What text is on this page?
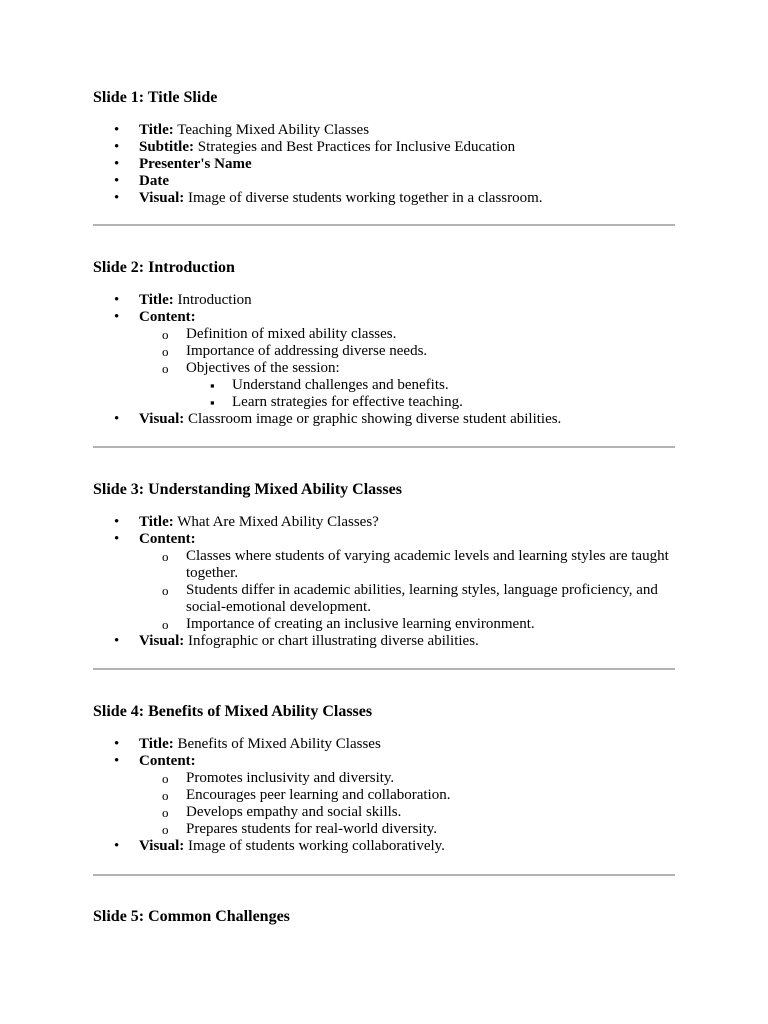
Slide 1: Title Slide
• Title: Teaching Mixed Ability Classes
• Subtitle: Strategies and Best Practices for Inclusive Education
• Presenter's Name
• Date
• Visual: Image of diverse students working together in a classroom.
Slide 2: Introduction
• Title: Introduction
• Content:
o Definition of mixed ability classes.
o Importance of addressing diverse needs.
o Objectives of the session:
▪ Understand challenges and benefits.
▪ Learn strategies for effective teaching.
• Visual: Classroom image or graphic showing diverse student abilities.
Slide 3: Understanding Mixed Ability Classes
• Title: What Are Mixed Ability Classes?
• Content:
o Classes where students of varying academic levels and learning styles are taught together.
o Students differ in academic abilities, learning styles, language proficiency, and social-emotional development.
o Importance of creating an inclusive learning environment.
• Visual: Infographic or chart illustrating diverse abilities.
Slide 4: Benefits of Mixed Ability Classes
• Title: Benefits of Mixed Ability Classes
• Content:
o Promotes inclusivity and diversity.
o Encourages peer learning and collaboration.
o Develops empathy and social skills.
o Prepares students for real-world diversity.
• Visual: Image of students working collaboratively.
Slide 5: Common Challenges
